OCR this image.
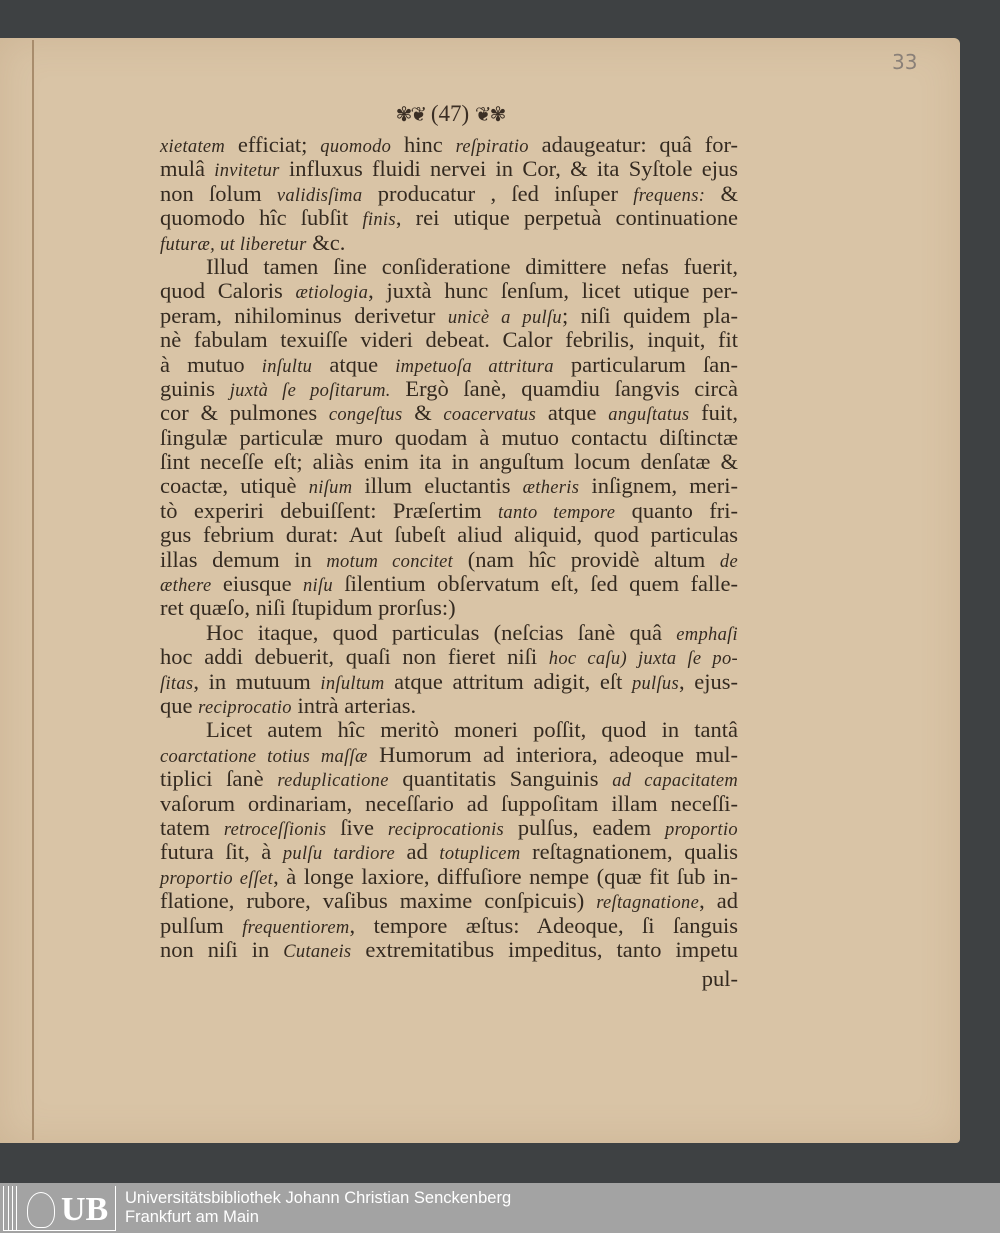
33
✾❦ (47) ❦✾
xietatem efficiat; quomodo hinc reſpiratio adaugeatur: quâ for-
mulâ invitetur influxus fluidi nervei in Cor, & ita Syſtole ejus
non ſolum validisſima producatur , ſed inſuper frequens: &
quomodo hîc ſubſit finis, rei utique perpetuà continuatione
futuræ, ut liberetur &c.
Illud tamen ſine conſideratione dimittere nefas fuerit,
quod Caloris ætiologia, juxtà hunc ſenſum, licet utique per-
peram, nihilominus derivetur unicè a pulſu; niſi quidem pla-
nè fabulam texuiſſe videri debeat. Calor febrilis, inquit, fit
à mutuo inſultu atque impetuoſa attritura particularum ſan-
guinis juxtà ſe poſitarum. Ergò ſanè, quamdiu ſangvis circà
cor & pulmones congeſtus & coacervatus atque anguſtatus fuit,
ſingulæ particulæ muro quodam à mutuo contactu diſtinctæ
ſint neceſſe eſt; aliàs enim ita in anguſtum locum denſatæ &
coactæ, utiquè niſum illum eluctantis ætheris inſignem, meri-
tò experiri debuiſſent: Præſertim tanto tempore quanto fri-
gus febrium durat: Aut ſubeſt aliud aliquid, quod particulas
illas demum in motum concitet (nam hîc providè altum de
æthere eiusque niſu ſilentium obſervatum eſt, ſed quem falle-
ret quæſo, niſi ſtupidum prorſus:)
Hoc itaque, quod particulas (neſcias ſanè quâ emphaſi
hoc addi debuerit, quaſi non fieret niſi hoc caſu) juxta ſe po-
ſitas, in mutuum inſultum atque attritum adigit, eſt pulſus, ejus-
que reciprocatio intrà arterias.
Licet autem hîc meritò moneri poſſit, quod in tantâ
coarctatione totius maſſæ Humorum ad interiora, adeoque mul-
tiplici ſanè reduplicatione quantitatis Sanguinis ad capacitatem
vaſorum ordinariam, neceſſario ad ſuppoſitam illam neceſſi-
tatem retroceſſionis ſive reciprocationis pulſus, eadem proportio
futura ſit, à pulſu tardiore ad totuplicem reſtagnationem, qualis
proportio eſſet, à longe laxiore, diffuſiore nempe (quæ fit ſub in-
flatione, rubore, vaſibus maxime conſpicuis) reſtagnatione, ad
pulſum frequentiorem, tempore æſtus: Adeoque, ſi ſanguis
non niſi in Cutaneis extremitatibus impeditus, tanto impetu
pul-
UB Universitätsbibliothek Johann Christian Senckenberg
Frankfurt am Main
